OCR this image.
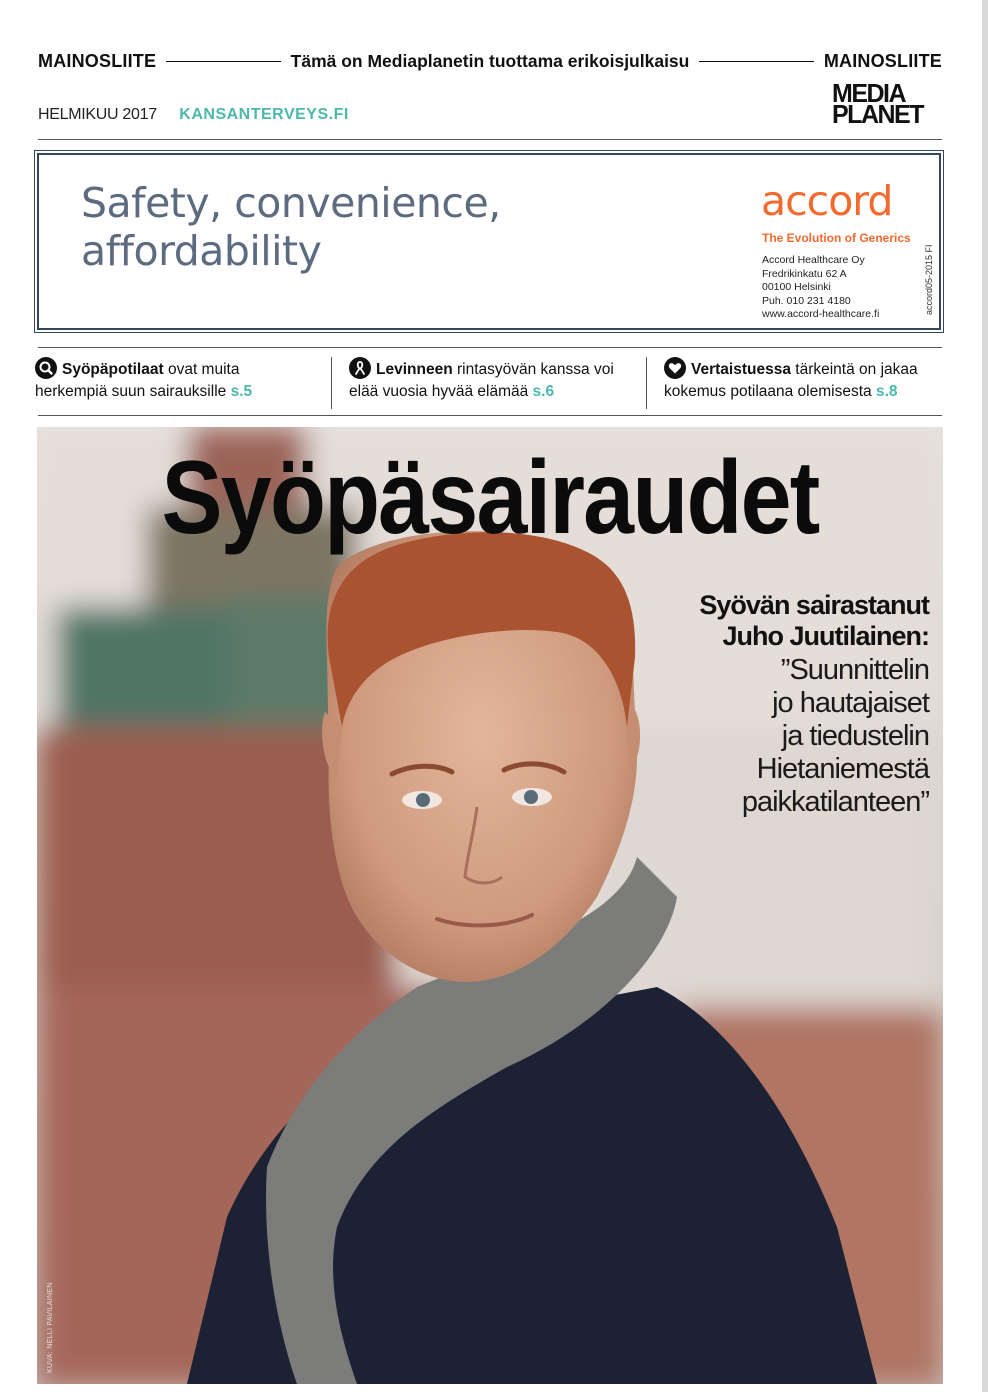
MAINOSLIITE	Tämä on Mediaplanetin tuottama erikoisjulkaisu	MAINOSLIITE
HELMIKUU 2017 KANSANTERVEYS.FI
MEDIA
PLANET
Safety, convenience,
affordability
accord
The Evolution of Generics
Accord Healthcare Oy
Fredrikinkatu 62 A
00100 Helsinki
Puh. 010 231 4180
www.accord-healthcare.fi	accord05-2015 FI
Syöpäpotilaat ovat muita
herkempiä suun sairauksille s.5
Levinneen rintasyövän kanssa voi
elää vuosia hyvää elämää s.6
Vertaistuessa tärkeintä on jakaa
kokemus potilaana olemisesta s.8
Syöpäsairaudet
Syövän sairastanut
Juho Juutilainen:
”Suunnittelin
jo hautajaiset
ja tiedustelin
Hietaniemestä
paikkatilanteen”
KUVA: NELLI PAVILAINEN
